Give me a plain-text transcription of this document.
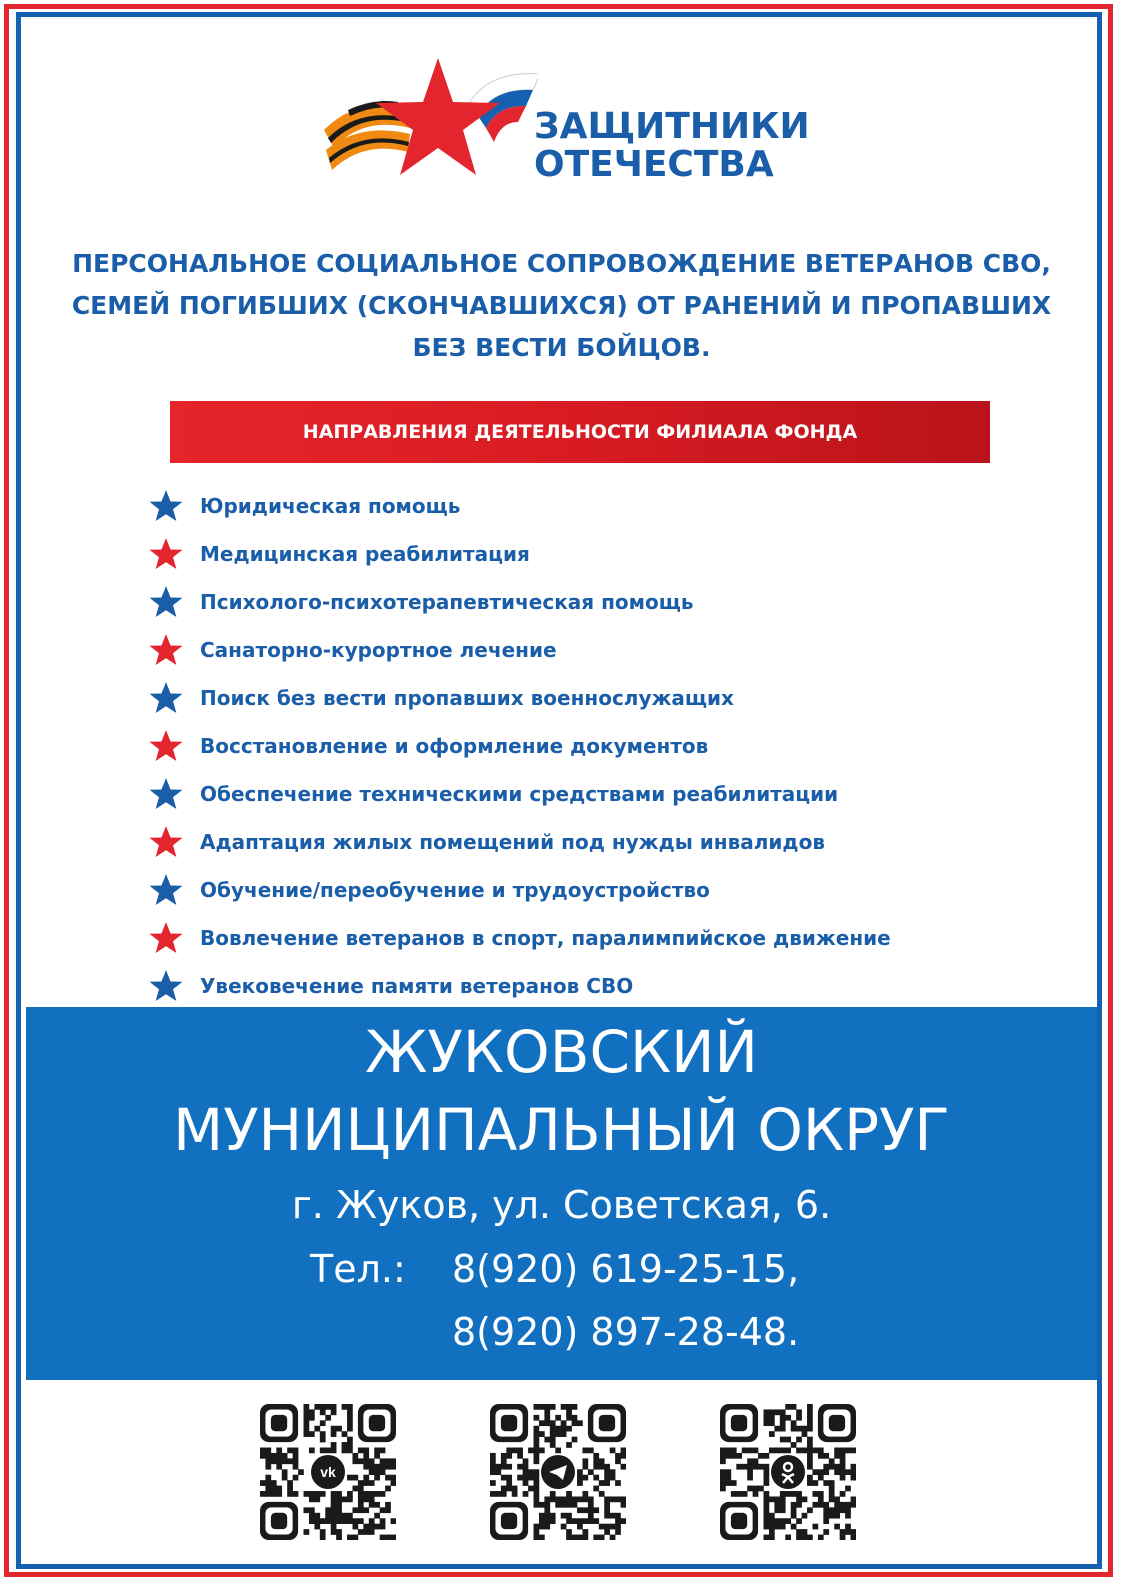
ЗАЩИТНИКИ
ОТЕЧЕСТВА
ПЕРСОНАЛЬНОЕ СОЦИАЛЬНОЕ СОПРОВОЖДЕНИЕ ВЕТЕРАНОВ СВО,
СЕМЕЙ ПОГИБШИХ (СКОНЧАВШИХСЯ) ОТ РАНЕНИЙ И ПРОПАВШИХ
БЕЗ ВЕСТИ БОЙЦОВ.
НАПРАВЛЕНИЯ ДЕЯТЕЛЬНОСТИ ФИЛИАЛА ФОНДА
Юридическая помощь
Медицинская реабилитация
Психолого-психотерапевтическая помощь
Санаторно-курортное лечение
Поиск без вести пропавших военнослужащих
Восстановление и оформление документов
Обеспечение техническими средствами реабилитации
Адаптация жилых помещений под нужды инвалидов
Обучение/переобучение и трудоустройство
Вовлечение ветеранов в спорт, паралимпийское движение
Увековечение памяти ветеранов СВО
ЖУКОВСКИЙ
МУНИЦИПАЛЬНЫЙ ОКРУГ
г. Жуков, ул. Советская, 6.
Тел.: 8(920) 619-25-15,
8(920) 897-28-48.
vk
